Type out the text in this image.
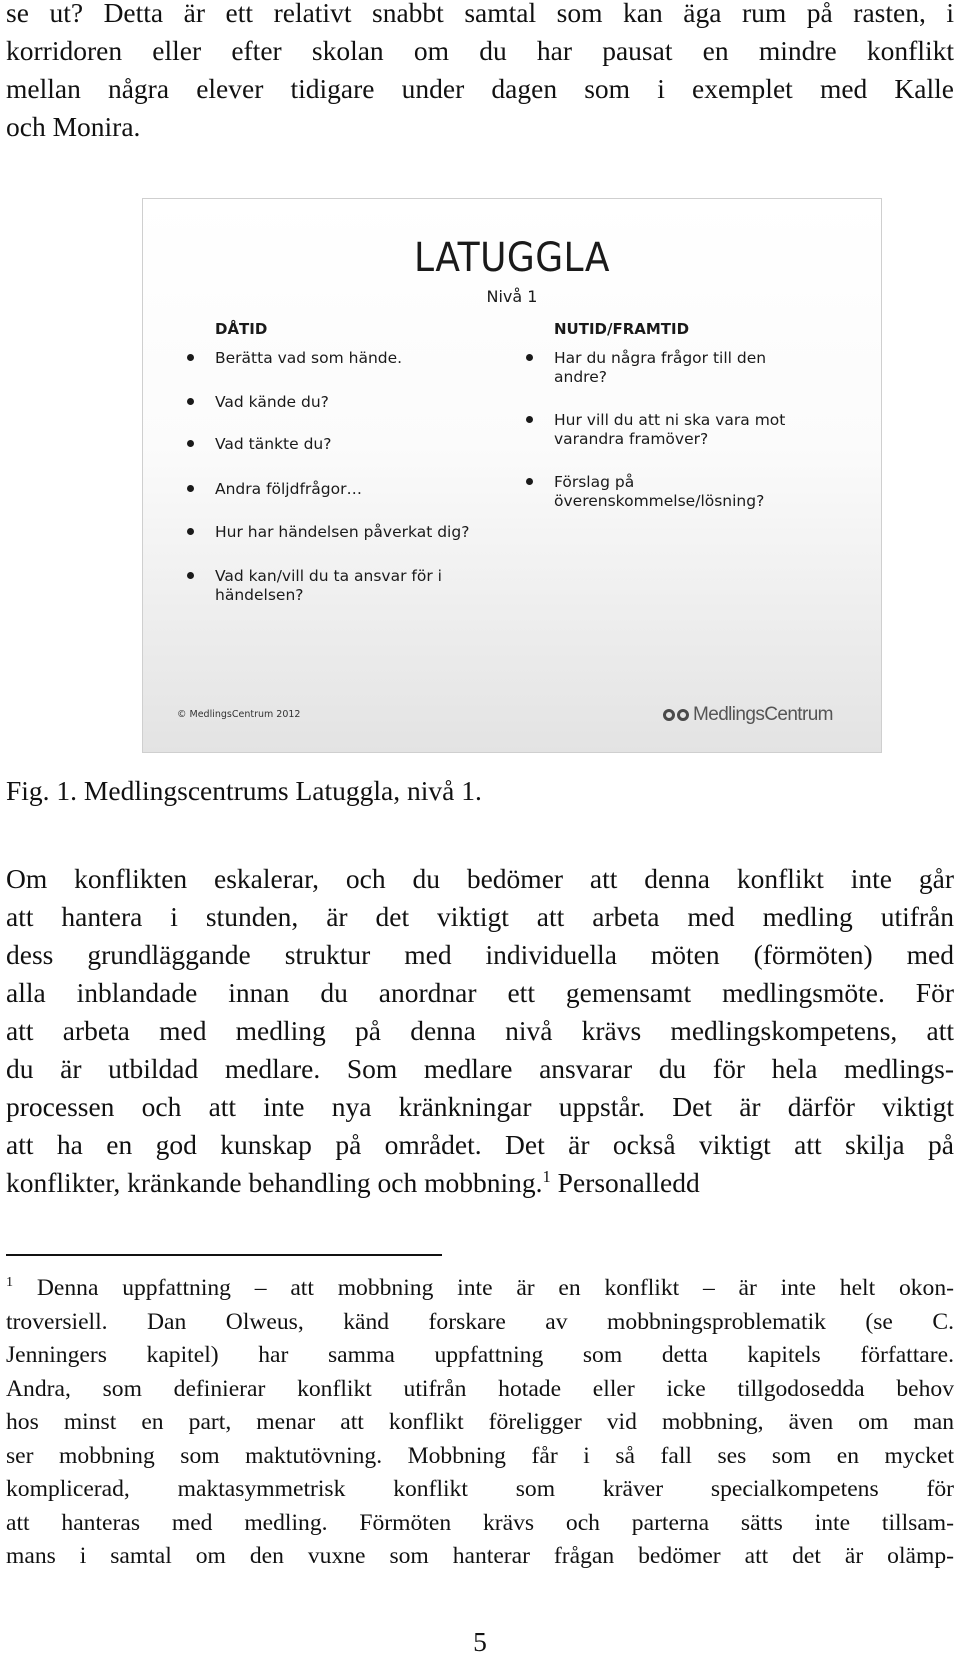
se ut? Detta är ett relativt snabbt samtal som kan äga rum på rasten, i
korridoren eller efter skolan om du har pausat en mindre konflikt
mellan några elever tidigare under dagen som i exemplet med Kalle
och Monira.
LATUGGLA
Nivå 1
DÅTID	NUTID/FRAMTID
Berätta vad som hände.
Vad kände du?
Vad tänkte du?
Andra följdfrågor…
Hur har händelsen påverkat dig?
Vad kan/vill du ta ansvar för i
händelsen?
Har du några frågor till den
andre?
Hur vill du att ni ska vara mot
varandra framöver?
Förslag på
överenskommelse/lösning?
© MedlingsCentrum 2012	MedlingsCentrum

Fig. 1. Medlingscentrums Latuggla, nivå 1.

Om konflikten eskalerar, och du bedömer att denna konflikt inte går
att hantera i stunden, är det viktigt att arbeta med medling utifrån
dess grundläggande struktur med individuella möten (förmöten) med
alla inblandade innan du anordnar ett gemensamt medlingsmöte. För
att arbeta med medling på denna nivå krävs medlingskompetens, att
du är utbildad medlare. Som medlare ansvarar du för hela medlings-
processen och att inte nya kränkningar uppstår. Det är därför viktigt
att ha en god kunskap på området. Det är också viktigt att skilja på
konflikter, kränkande behandling och mobbning.$^1$ Personalledd
$^1$ Denna uppfattning – att mobbning inte är en konflikt – är inte helt okon-
troversiell. Dan Olweus, känd forskare av mobbningsproblematik (se C.
Jenningers kapitel) har samma uppfattning som detta kapitels författare.
Andra, som definierar konflikt utifrån hotade eller icke tillgodosedda behov
hos minst en part, menar att konflikt föreligger vid mobbning, även om man
ser mobbning som maktutövning. Mobbning får i så fall ses som en mycket
komplicerad, maktasymmetrisk konflikt som kräver specialkompetens för
att hanteras med medling. Förmöten krävs och parterna sätts inte tillsam-
mans i samtal om den vuxne som hanterar frågan bedömer att det är olämp-
5
